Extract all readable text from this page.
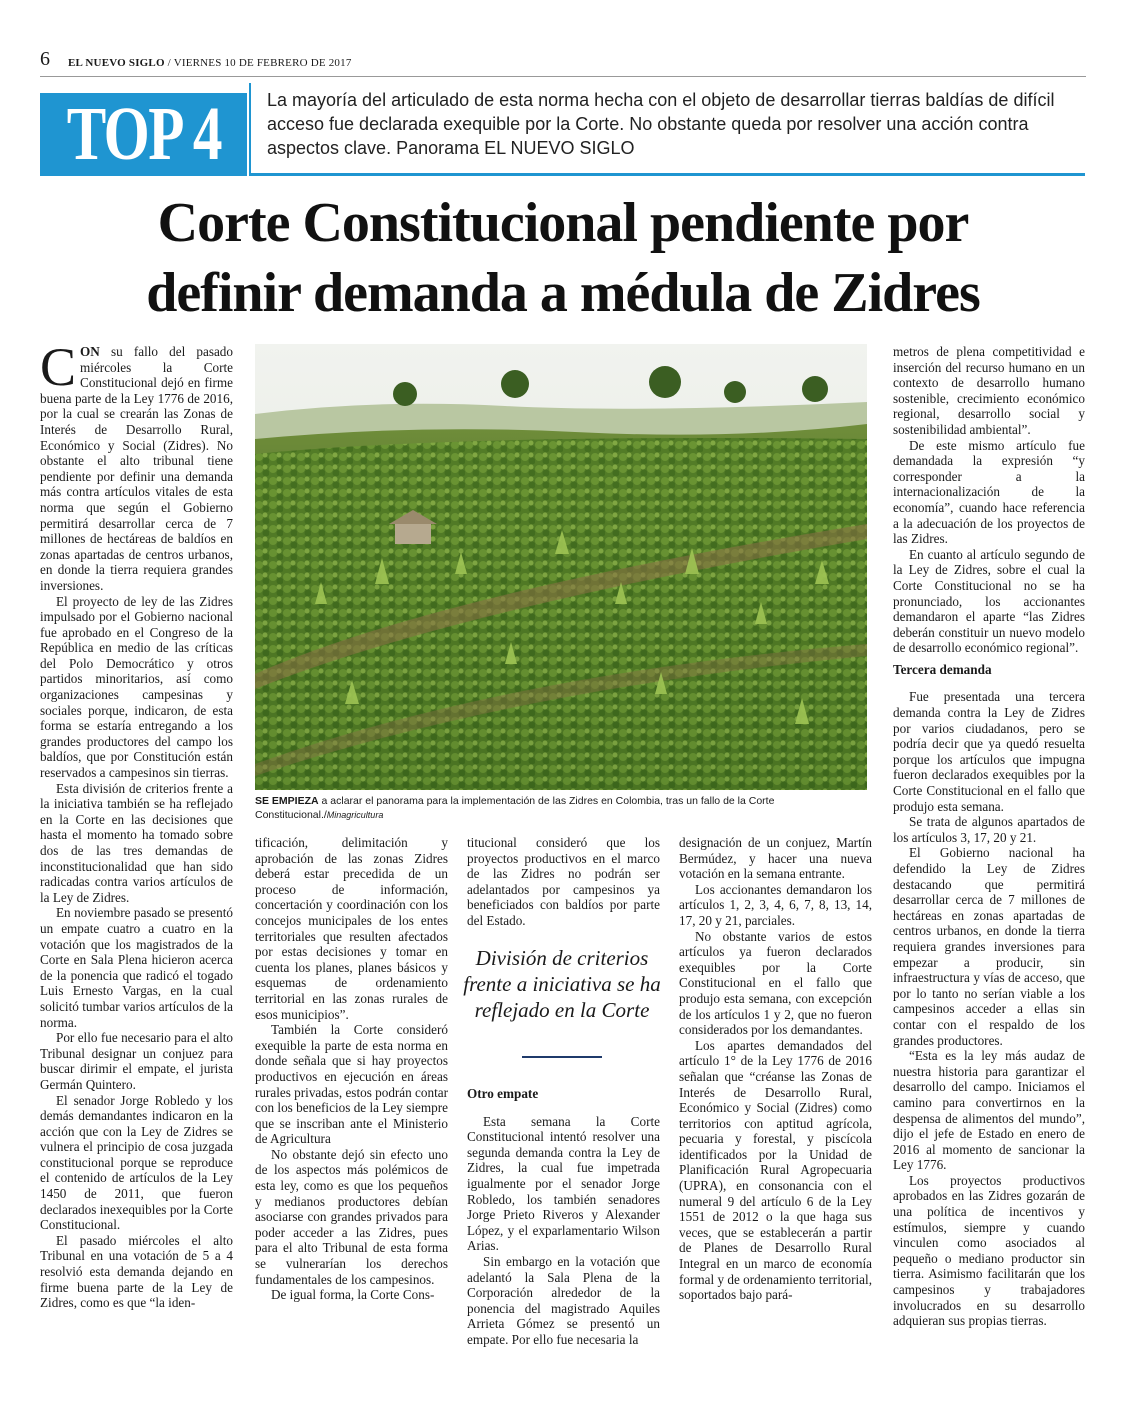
6 EL NUEVO SIGLO / VIERNES 10 DE FEBRERO DE 2017
TOP 4	La mayoría del articulado de esta norma hecha con el objeto de desarrollar tierras baldías de difícil acceso fue declarada exequible por la Corte. No obstante queda por resolver una acción contra aspectos clave. Panorama EL NUEVO SIGLO
Corte Constitucional pendiente por
definir demanda a médula de Zidres

CON su fallo del pasado miércoles la Corte Constitucional dejó en firme buena parte de la Ley 1776 de 2016, por la cual se crearán las Zonas de Interés de Desarrollo Rural, Económico y Social (Zidres). No obstante el alto tribunal tiene pendiente por definir una demanda más contra artículos vitales de esta norma que según el Gobierno permitirá desarrollar cerca de 7 millones de hectáreas de baldíos en zonas apartadas de centros urbanos, en donde la tierra requiera grandes inversiones.

El proyecto de ley de las Zidres impulsado por el Gobierno nacional fue aprobado en el Congreso de la República en medio de las críticas del Polo Democrático y otros partidos minoritarios, así como organizaciones campesinas y sociales porque, indicaron, de esta forma se estaría entregando a los grandes productores del campo los baldíos, que por Constitución están reservados a campesinos sin tierras.

Esta división de criterios frente a la iniciativa también se ha reflejado en la Corte en las decisiones que hasta el momento ha tomado sobre dos de las tres demandas de inconstitucionalidad que han sido radicadas contra varios artículos de la Ley de Zidres.

En noviembre pasado se presentó un empate cuatro a cuatro en la votación que los magistrados de la Corte en Sala Plena hicieron acerca de la ponencia que radicó el togado Luis Ernesto Vargas, en la cual solicitó tumbar varios artículos de la norma.

Por ello fue necesario para el alto Tribunal designar un conjuez para buscar dirimir el empate, el jurista Germán Quintero.

El senador Jorge Robledo y los demás demandantes indicaron en la acción que con la Ley de Zidres se vulnera el principio de cosa juzgada constitucional porque se reproduce el contenido de artículos de la Ley 1450 de 2011, que fueron declarados inexequibles por la Corte Constitucional.

El pasado miércoles el alto Tribunal en una votación de 5 a 4 resolvió esta demanda dejando en firme buena parte de la Ley de Zidres, como es que “la iden-

SE EMPIEZA a aclarar el panorama para la implementación de las Zidres en Colombia, tras un fallo de la Corte Constitucional./Minagricultura

tificación, delimitación y aprobación de las zonas Zidres deberá estar precedida de un proceso de información, concertación y coordinación con los concejos municipales de los entes territoriales que resulten afectados por estas decisiones y tomar en cuenta los planes, planes básicos y esquemas de ordenamiento territorial en las zonas rurales de esos municipios”.

También la Corte consideró exequible la parte de esta norma en donde señala que si hay proyectos productivos en ejecución en áreas rurales privadas, estos podrán contar con los beneficios de la Ley siempre que se inscriban ante el Ministerio de Agricultura

No obstante dejó sin efecto uno de los aspectos más polémicos de esta ley, como es que los pequeños y medianos productores debían asociarse con grandes privados para poder acceder a las Zidres, pues para el alto Tribunal de esta forma se vulnerarían los derechos fundamentales de los campesinos.

De igual forma, la Corte Cons-

titucional consideró que los proyectos productivos en el marco de las Zidres no podrán ser adelantados por campesinos ya beneficiados con baldíos por parte del Estado.

División de criterios frente a iniciativa se ha reflejado en la Corte
Otro empate

Esta semana la Corte Constitucional intentó resolver una segunda demanda contra la Ley de Zidres, la cual fue impetrada igualmente por el senador Jorge Robledo, los también senadores Jorge Prieto Riveros y Alexander López, y el exparlamentario Wilson Arias.

Sin embargo en la votación que adelantó la Sala Plena de la Corporación alrededor de la ponencia del magistrado Aquiles Arrieta Gómez se presentó un empate. Por ello fue necesaria la

designación de un conjuez, Martín Bermúdez, y hacer una nueva votación en la semana entrante.

Los accionantes demandaron los artículos 1, 2, 3, 4, 6, 7, 8, 13, 14, 17, 20 y 21, parciales.

No obstante varios de estos artículos ya fueron declarados exequibles por la Corte Constitucional en el fallo que produjo esta semana, con excepción de los artículos 1 y 2, que no fueron considerados por los demandantes.

Los apartes demandados del artículo 1° de la Ley 1776 de 2016 señalan que “créanse las Zonas de Interés de Desarrollo Rural, Económico y Social (Zidres) como territorios con aptitud agrícola, pecuaria y forestal, y piscícola identificados por la Unidad de Planificación Rural Agropecuaria (UPRA), en consonancia con el numeral 9 del artículo 6 de la Ley 1551 de 2012 o la que haga sus veces, que se establecerán a partir de Planes de Desarrollo Rural Integral en un marco de economía formal y de ordenamiento territorial, soportados bajo pará-

metros de plena competitividad e inserción del recurso humano en un contexto de desarrollo humano sostenible, crecimiento económico regional, desarrollo social y sostenibilidad ambiental”.

De este mismo artículo fue demandada la expresión “y corresponder a la internacionalización de la economía”, cuando hace referencia a la adecuación de los proyectos de las Zidres.

En cuanto al artículo segundo de la Ley de Zidres, sobre el cual la Corte Constitucional no se ha pronunciado, los accionantes demandaron el aparte “las Zidres deberán constituir un nuevo modelo de desarrollo económico regional”.

Tercera demanda

Fue presentada una tercera demanda contra la Ley de Zidres por varios ciudadanos, pero se podría decir que ya quedó resuelta porque los artículos que impugna fueron declarados exequibles por la Corte Constitucional en el fallo que produjo esta semana.

Se trata de algunos apartados de los artículos 3, 17, 20 y 21.

El Gobierno nacional ha defendido la Ley de Zidres destacando que permitirá desarrollar cerca de 7 millones de hectáreas en zonas apartadas de centros urbanos, en donde la tierra requiera grandes inversiones para empezar a producir, sin infraestructura y vías de acceso, que por lo tanto no serían viable a los campesinos acceder a ellas sin contar con el respaldo de los grandes productores.

“Esta es la ley más audaz de nuestra historia para garantizar el desarrollo del campo. Iniciamos el camino para convertirnos en la despensa de alimentos del mundo”, dijo el jefe de Estado en enero de 2016 al momento de sancionar la Ley 1776.

Los proyectos productivos aprobados en las Zidres gozarán de una política de incentivos y estímulos, siempre y cuando vinculen como asociados al pequeño o mediano productor sin tierra. Asimismo facilitarán que los campesinos y trabajadores involucrados en su desarrollo adquieran sus propias tierras.
